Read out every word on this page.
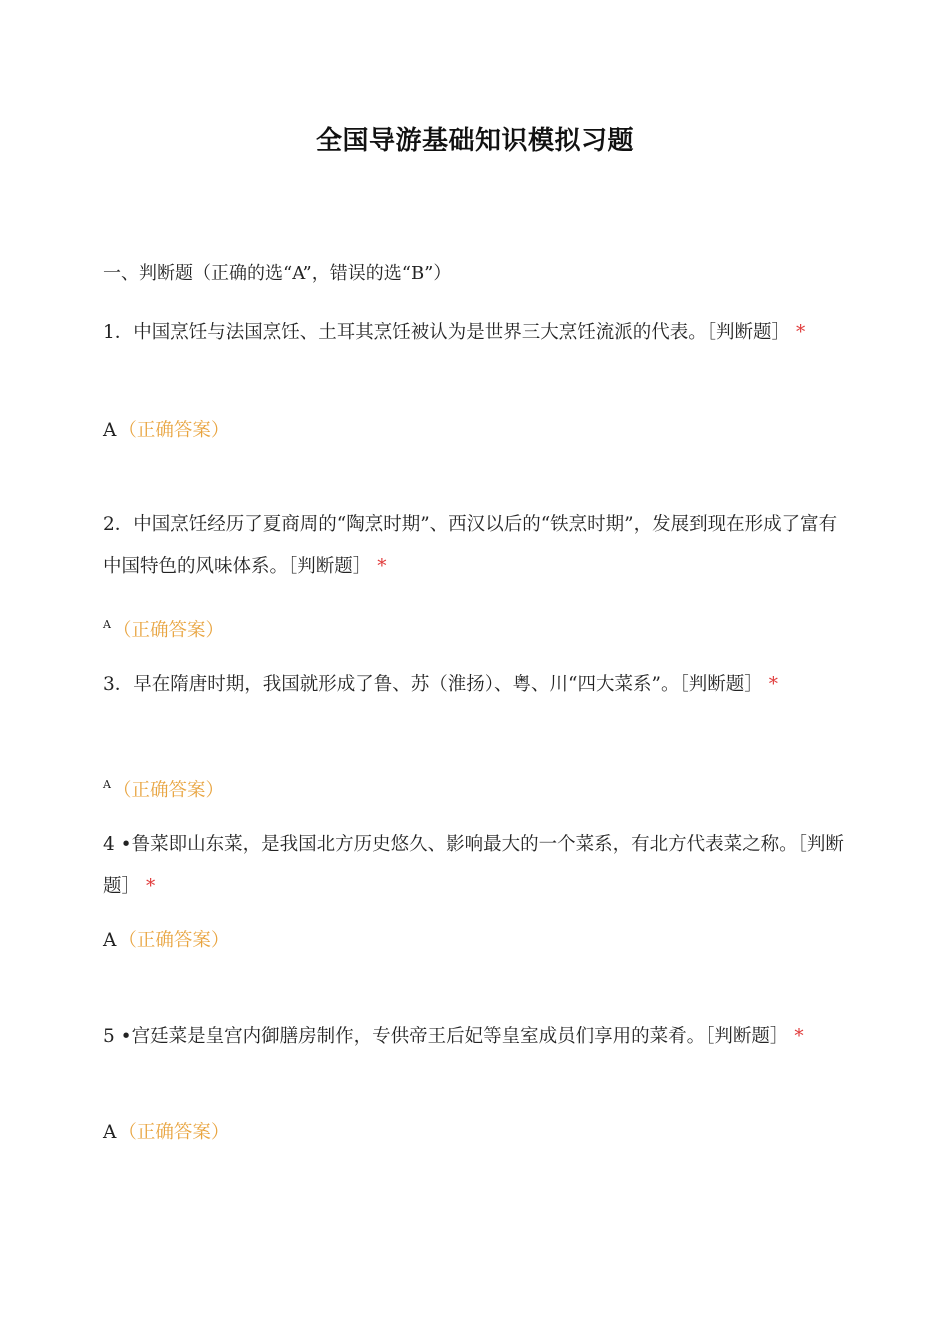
全国导游基础知识模拟习题
一、判断题（正确的选“A”，错误的选“B”）
1．中国烹饪与法国烹饪、土耳其烹饪被认为是世界三大烹饪流派的代表。［判断题］ *
A （正确答案）
2．中国烹饪经历了夏商周的“陶烹时期”、西汉以后的“铁烹时期”，发展到现在形成了富有中国特色的风味体系。［判断题］ *
$^A$ （正确答案）
3．早在隋唐时期，我国就形成了鲁、苏（淮扬）、粤、川“四大菜系”。［判断题］ *
$^A$ （正确答案）
4 •鲁菜即山东菜，是我国北方历史悠久、影响最大的一个菜系，有北方代表菜之称。［判断题］ *
A （正确答案）
5 •宫廷菜是皇宫内御膳房制作，专供帝王后妃等皇室成员们享用的菜肴。［判断题］ *
A （正确答案）
